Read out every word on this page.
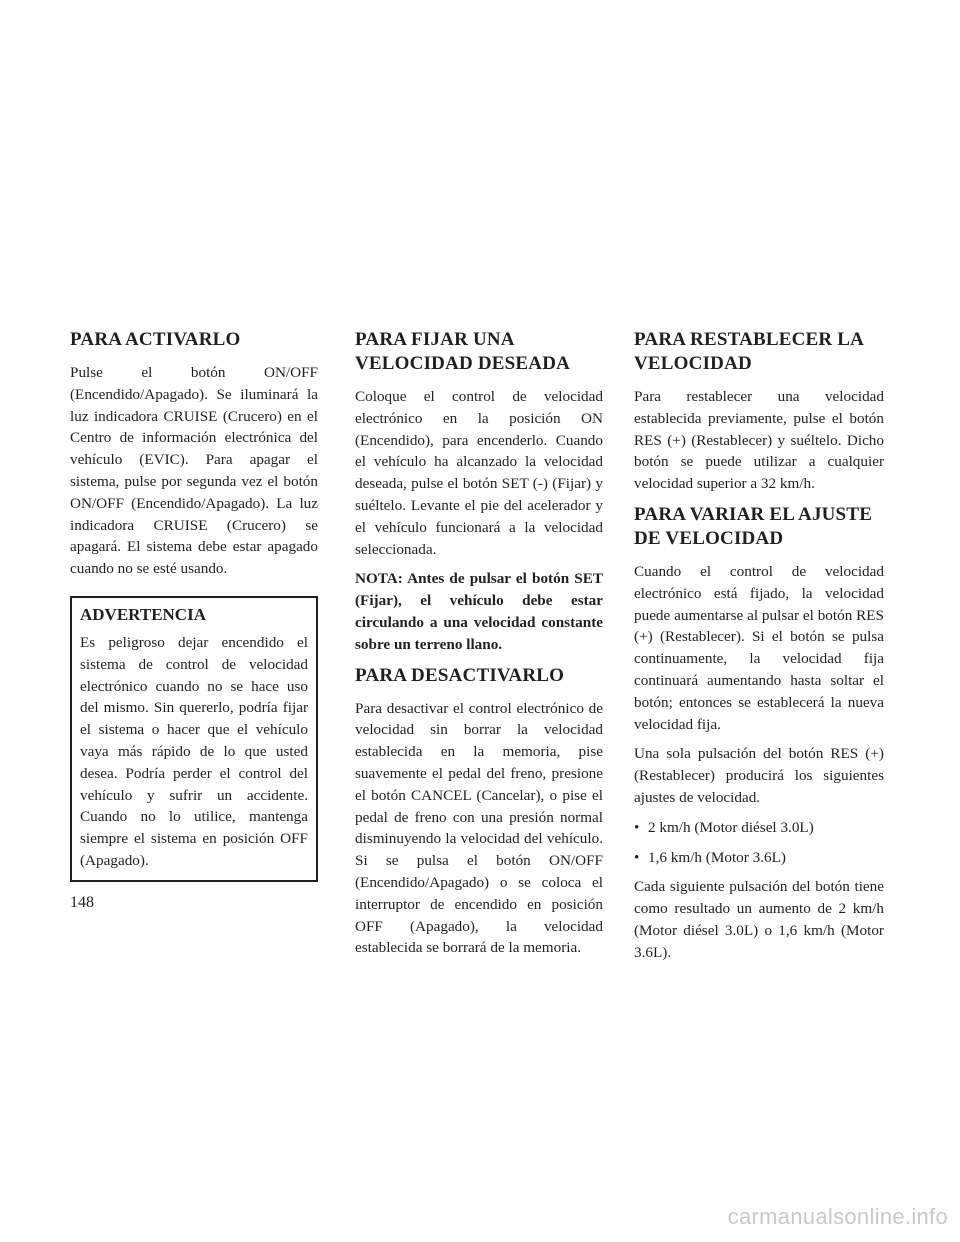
PARA ACTIVARLO

Pulse el botón ON/OFF (Encendido/Apagado). Se iluminará la luz indicadora CRUISE (Crucero) en el Centro de información electrónica del vehículo (EVIC). Para apagar el sistema, pulse por segunda vez el botón ON/OFF (Encendido/Apagado). La luz indicadora CRUISE (Crucero) se apagará. El sistema debe estar apagado cuando no se esté usando.

ADVERTENCIA

Es peligroso dejar encendido el sistema de control de velocidad electrónico cuando no se hace uso del mismo. Sin quererlo, podría fijar el sistema o hacer que el vehículo vaya más rápido de lo que usted desea. Podría perder el control del vehículo y sufrir un accidente. Cuando no lo utilice, mantenga siempre el sistema en posición OFF (Apagado).

PARA FIJAR UNA VELOCIDAD DESEADA

Coloque el control de velocidad electrónico en la posición ON (Encendido), para encenderlo. Cuando el vehículo ha alcanzado la velocidad deseada, pulse el botón SET (-) (Fijar) y suéltelo. Levante el pie del acelerador y el vehículo funcionará a la velocidad seleccionada.

NOTA: Antes de pulsar el botón SET (Fijar), el vehículo debe estar circulando a una velocidad constante sobre un terreno llano.

PARA DESACTIVARLO

Para desactivar el control electrónico de velocidad sin borrar la velocidad establecida en la memoria, pise suavemente el pedal del freno, presione el botón CANCEL (Cancelar), o pise el pedal de freno con una presión normal disminuyendo la velocidad del vehículo. Si se pulsa el botón ON/OFF (Encendido/Apagado) o se coloca el interruptor de encendido en posición OFF (Apagado), la velocidad establecida se borrará de la memoria.

PARA RESTABLECER LA VELOCIDAD

Para restablecer una velocidad establecida previamente, pulse el botón RES (+) (Restablecer) y suéltelo. Dicho botón se puede utilizar a cualquier velocidad superior a 32 km/h.

PARA VARIAR EL AJUSTE DE VELOCIDAD

Cuando el control de velocidad electrónico está fijado, la velocidad puede aumentarse al pulsar el botón RES (+) (Restablecer). Si el botón se pulsa continuamente, la velocidad fija continuará aumentando hasta soltar el botón; entonces se establecerá la nueva velocidad fija.

Una sola pulsación del botón RES (+) (Restablecer) producirá los siguientes ajustes de velocidad.

• 2 km/h (Motor diésel 3.0L)
• 1,6 km/h (Motor 3.6L)

Cada siguiente pulsación del botón tiene como resultado un aumento de 2 km/h (Motor diésel 3.0L) o 1,6 km/h (Motor 3.6L).

148
carmanualsonline.info
